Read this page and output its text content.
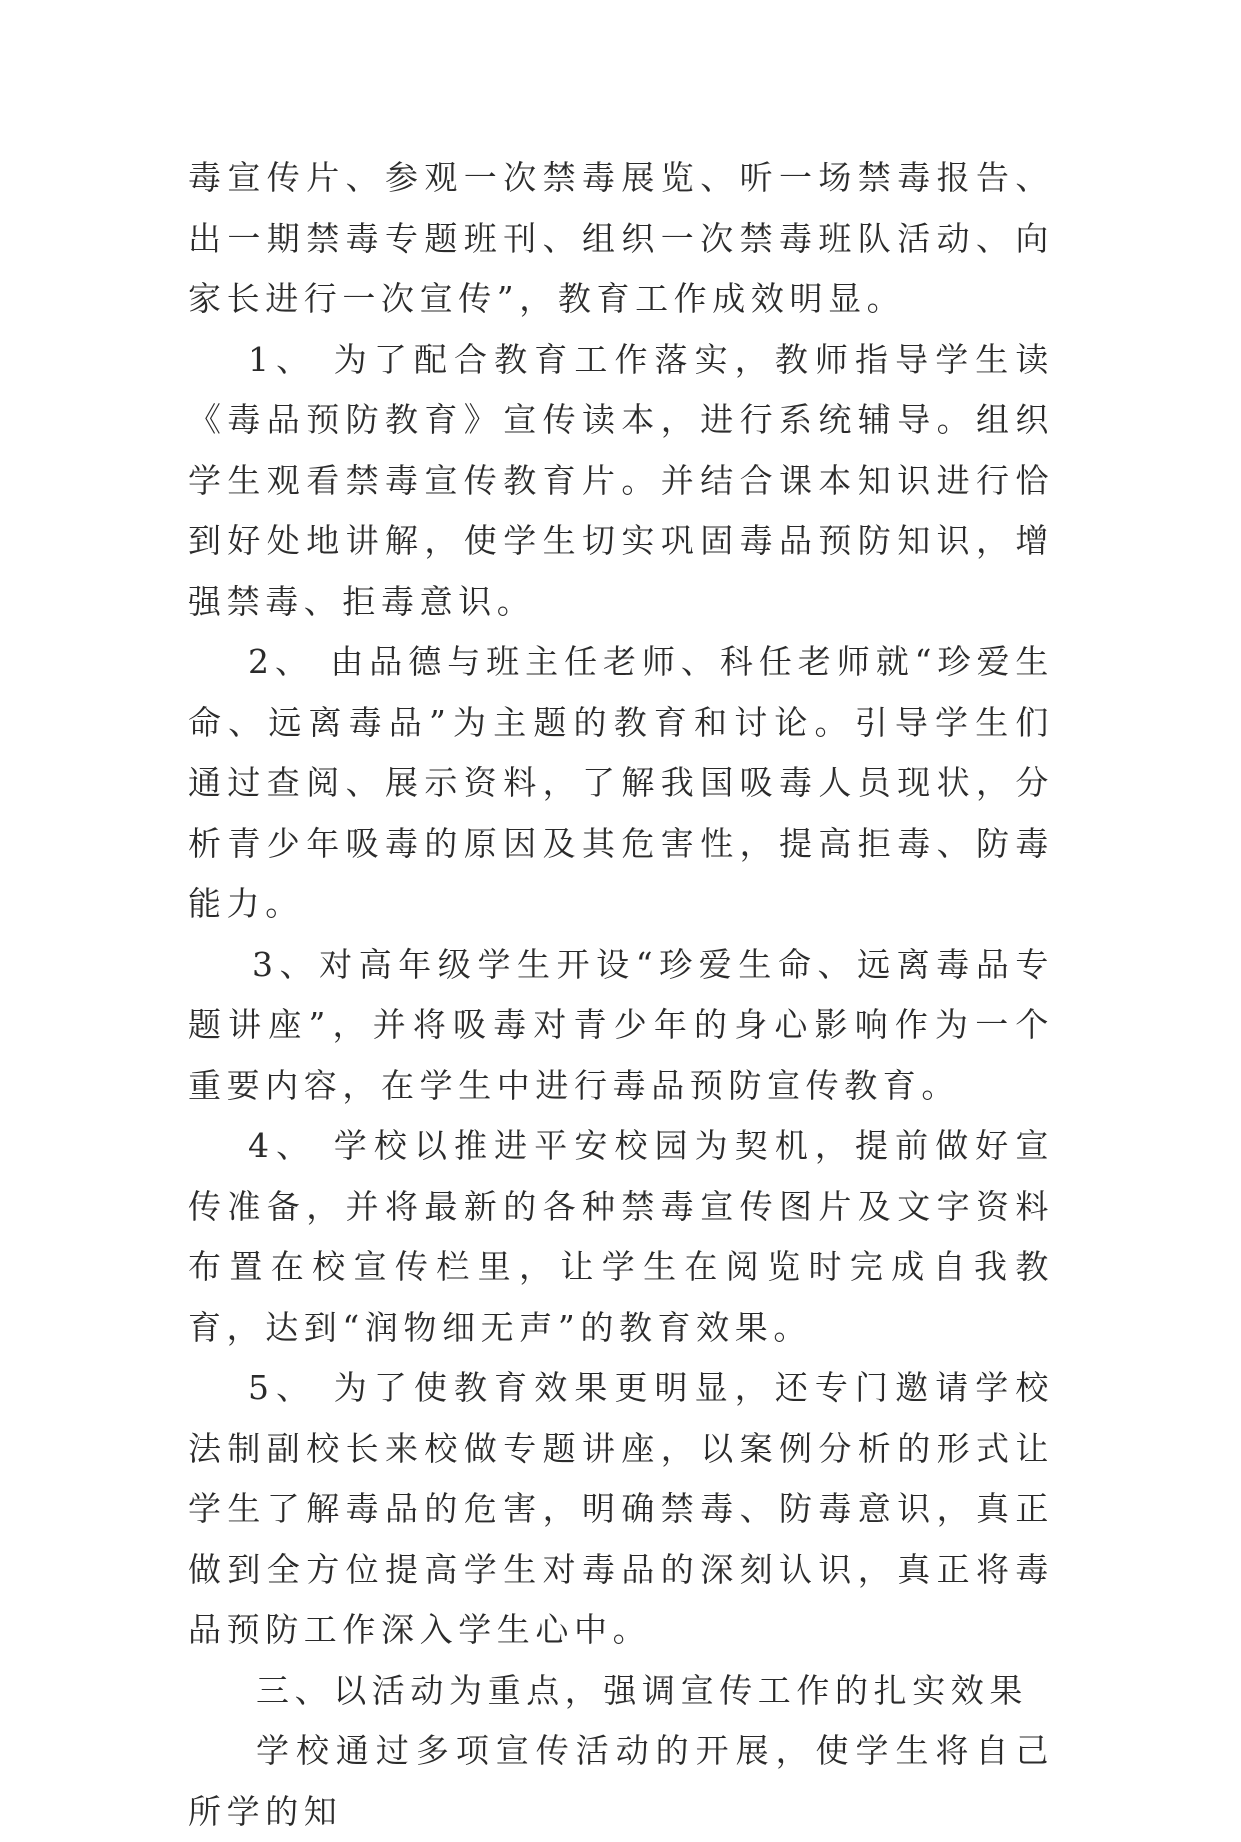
毒宣传片、参观一次禁毒展览、听一场禁毒报告、出一期禁毒专题班刊、组织一次禁毒班队活动、向家长进行一次宣传”，教育工作成效明显。

1、 为了配合教育工作落实，教师指导学生读《毒品预防教育》宣传读本，进行系统辅导。组织学生观看禁毒宣传教育片。并结合课本知识进行恰到好处地讲解，使学生切实巩固毒品预防知识，增强禁毒、拒毒意识。

2、 由品德与班主任老师、科任老师就“珍爱生命、远离毒品”为主题的教育和讨论。引导学生们通过查阅、展示资料，了解我国吸毒人员现状，分析青少年吸毒的原因及其危害性，提高拒毒、防毒能力。

3、对高年级学生开设“珍爱生命、远离毒品专题讲座”，并将吸毒对青少年的身心影响作为一个重要内容，在学生中进行毒品预防宣传教育。

4、 学校以推进平安校园为契机，提前做好宣传准备，并将最新的各种禁毒宣传图片及文字资料布置在校宣传栏里，让学生在阅览时完成自我教育，达到“润物细无声”的教育效果。

5、 为了使教育效果更明显，还专门邀请学校法制副校长来校做专题讲座，以案例分析的形式让学生了解毒品的危害，明确禁毒、防毒意识，真正做到全方位提高学生对毒品的深刻认识，真正将毒品预防工作深入学生心中。

三、以活动为重点，强调宣传工作的扎实效果

学校通过多项宣传活动的开展，使学生将自己所学的知
